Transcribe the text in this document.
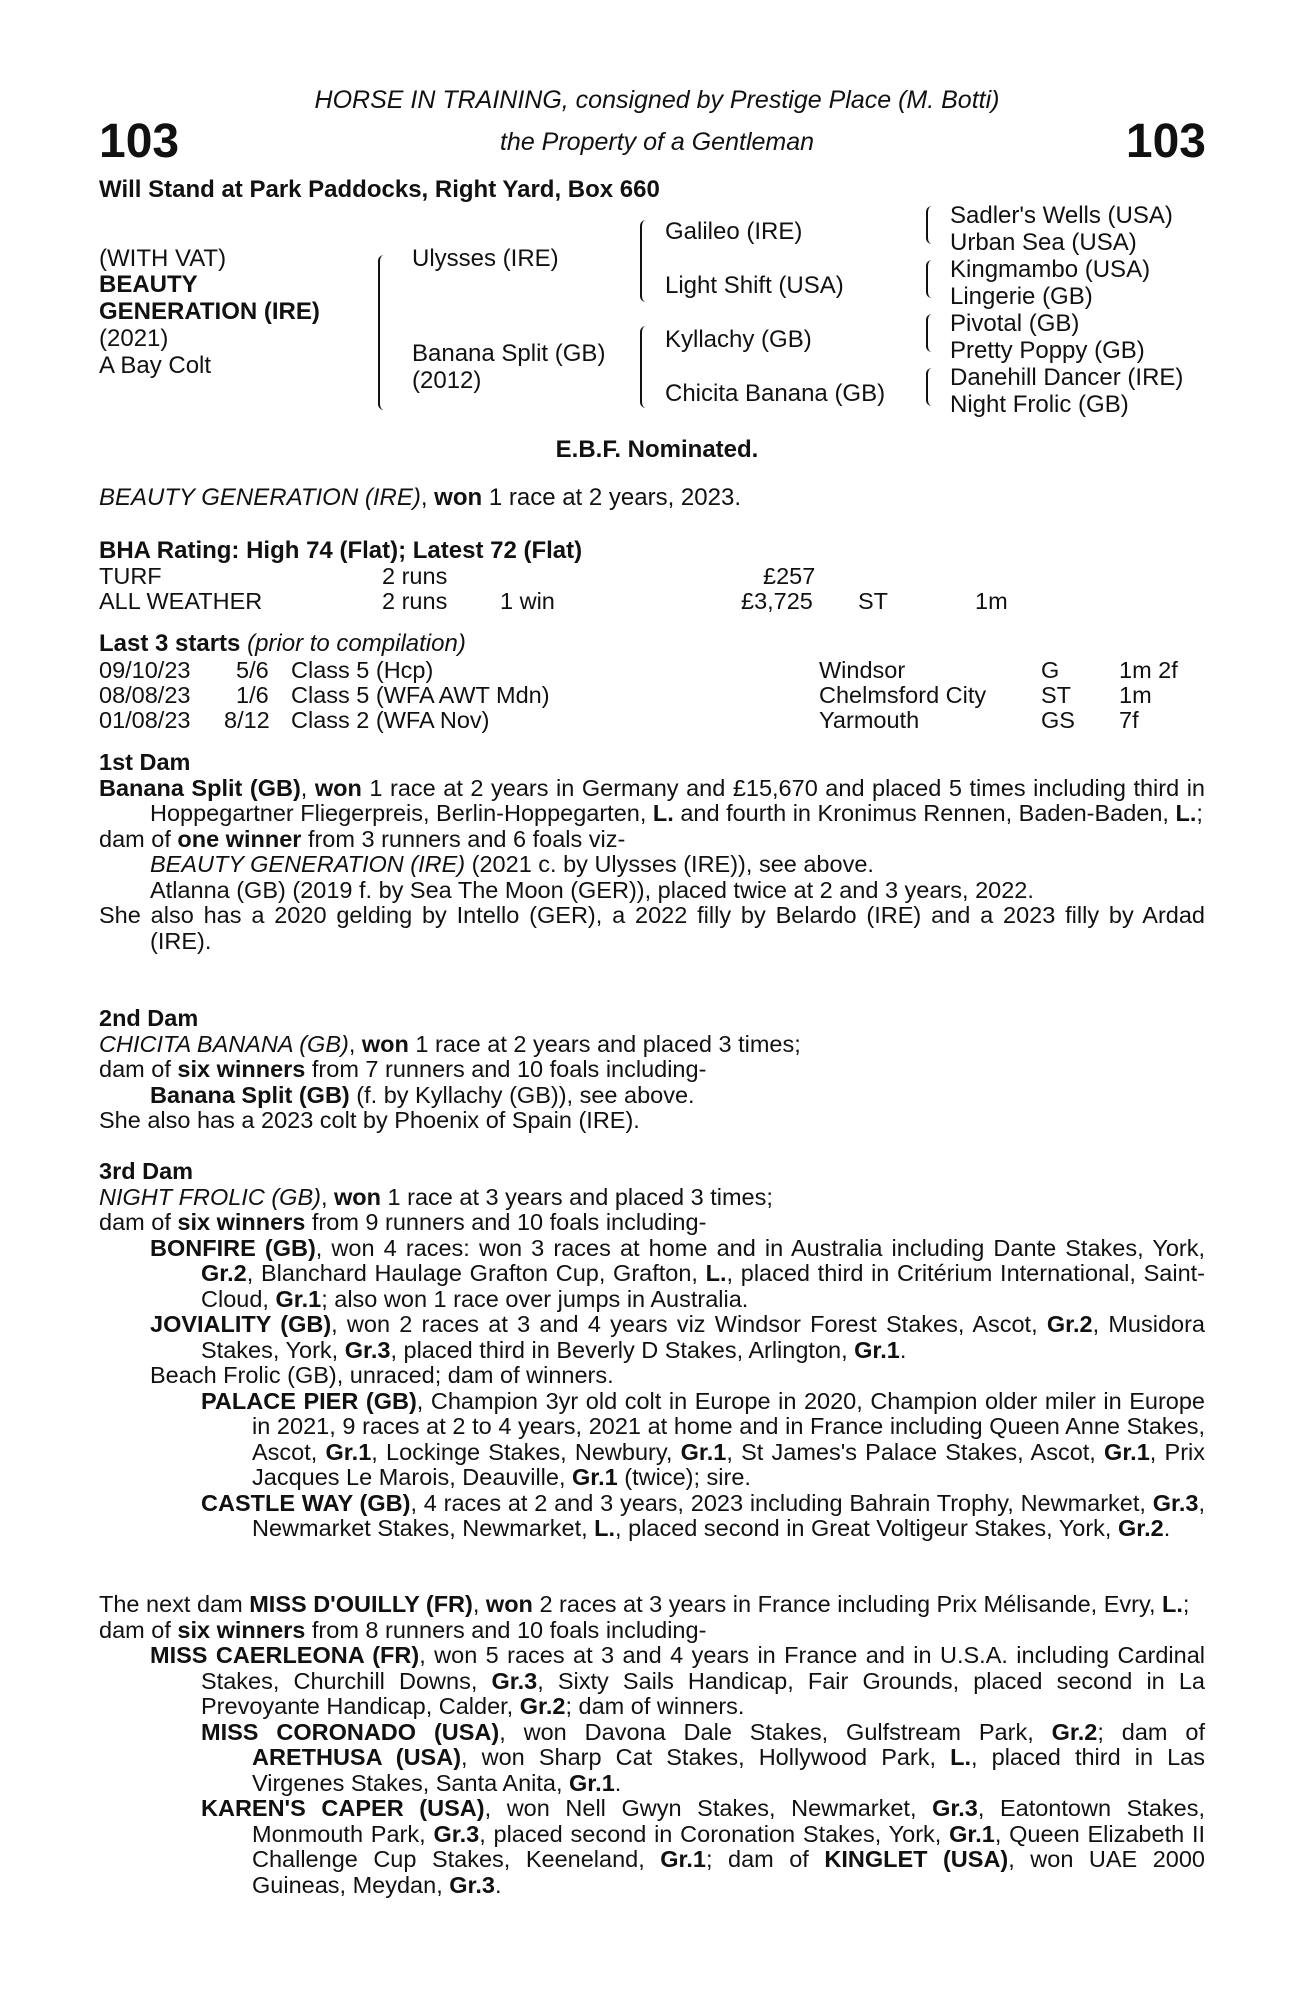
103	103
HORSE IN TRAINING, consigned by Prestige Place (M. Botti)
the Property of a Gentleman
Will Stand at Park Paddocks, Right Yard, Box 660
(WITH VAT)
BEAUTY
GENERATION (IRE)
(2021)
A Bay Colt
Ulysses (IRE)
Banana Split (GB)
(2012)
Galileo (IRE)
Light Shift (USA)
Kyllachy (GB)
Chicita Banana (GB)
Sadler's Wells (USA)
Urban Sea (USA)
Kingmambo (USA)
Lingerie (GB)
Pivotal (GB)
Pretty Poppy (GB)
Danehill Dancer (IRE)
Night Frolic (GB)
E.B.F. Nominated.
BEAUTY GENERATION (IRE), won 1 race at 2 years, 2023.
BHA Rating: High 74 (Flat); Latest 72 (Flat)
TURF	2 runs	£257
ALL WEATHER	2 runs 1 win	£3,725 ST	1m
Last 3 starts (prior to compilation)
09/10/23 5/6 Class 5 (Hcp)	Windsor	G	1m 2f
08/08/23 1/6 Class 5 (WFA AWT Mdn)	Chelmsford City ST 1m
01/08/23 8/12 Class 2 (WFA Nov)	Yarmouth	GS 7f

1st Dam

Banana Split (GB), won 1 race at 2 years in Germany and £15,670 and placed 5 times including third in Hoppegartner Fliegerpreis, Berlin-Hoppegarten, L. and fourth in Kronimus Rennen, Baden-Baden, L.;

dam of one winner from 3 runners and 6 foals viz-

BEAUTY GENERATION (IRE) (2021 c. by Ulysses (IRE)), see above.

Atlanna (GB) (2019 f. by Sea The Moon (GER)), placed twice at 2 and 3 years, 2022.

She also has a 2020 gelding by Intello (GER), a 2022 filly by Belardo (IRE) and a 2023 filly by Ardad (IRE).

2nd Dam

CHICITA BANANA (GB), won 1 race at 2 years and placed 3 times;

dam of six winners from 7 runners and 10 foals including-

Banana Split (GB) (f. by Kyllachy (GB)), see above.

She also has a 2023 colt by Phoenix of Spain (IRE).

3rd Dam

NIGHT FROLIC (GB), won 1 race at 3 years and placed 3 times;

dam of six winners from 9 runners and 10 foals including-

BONFIRE (GB), won 4 races: won 3 races at home and in Australia including Dante Stakes, York, Gr.2, Blanchard Haulage Grafton Cup, Grafton, L., placed third in Critérium International, Saint-Cloud, Gr.1; also won 1 race over jumps in Australia.

JOVIALITY (GB), won 2 races at 3 and 4 years viz Windsor Forest Stakes, Ascot, Gr.2, Musidora Stakes, York, Gr.3, placed third in Beverly D Stakes, Arlington, Gr.1.

Beach Frolic (GB), unraced; dam of winners.

PALACE PIER (GB), Champion 3yr old colt in Europe in 2020, Champion older miler in Europe in 2021, 9 races at 2 to 4 years, 2021 at home and in France including Queen Anne Stakes, Ascot, Gr.1, Lockinge Stakes, Newbury, Gr.1, St James's Palace Stakes, Ascot, Gr.1, Prix Jacques Le Marois, Deauville, Gr.1 (twice); sire.

CASTLE WAY (GB), 4 races at 2 and 3 years, 2023 including Bahrain Trophy, Newmarket, Gr.3, Newmarket Stakes, Newmarket, L., placed second in Great Voltigeur Stakes, York, Gr.2.

The next dam MISS D'OUILLY (FR), won 2 races at 3 years in France including Prix Mélisande, Evry, L.;

dam of six winners from 8 runners and 10 foals including-

MISS CAERLEONA (FR), won 5 races at 3 and 4 years in France and in U.S.A. including Cardinal Stakes, Churchill Downs, Gr.3, Sixty Sails Handicap, Fair Grounds, placed second in La Prevoyante Handicap, Calder, Gr.2; dam of winners.

MISS CORONADO (USA), won Davona Dale Stakes, Gulfstream Park, Gr.2; dam of ARETHUSA (USA), won Sharp Cat Stakes, Hollywood Park, L., placed third in Las Virgenes Stakes, Santa Anita, Gr.1.

KAREN'S CAPER (USA), won Nell Gwyn Stakes, Newmarket, Gr.3, Eatontown Stakes, Monmouth Park, Gr.3, placed second in Coronation Stakes, York, Gr.1, Queen Elizabeth II Challenge Cup Stakes, Keeneland, Gr.1; dam of KINGLET (USA), won UAE 2000 Guineas, Meydan, Gr.3.
